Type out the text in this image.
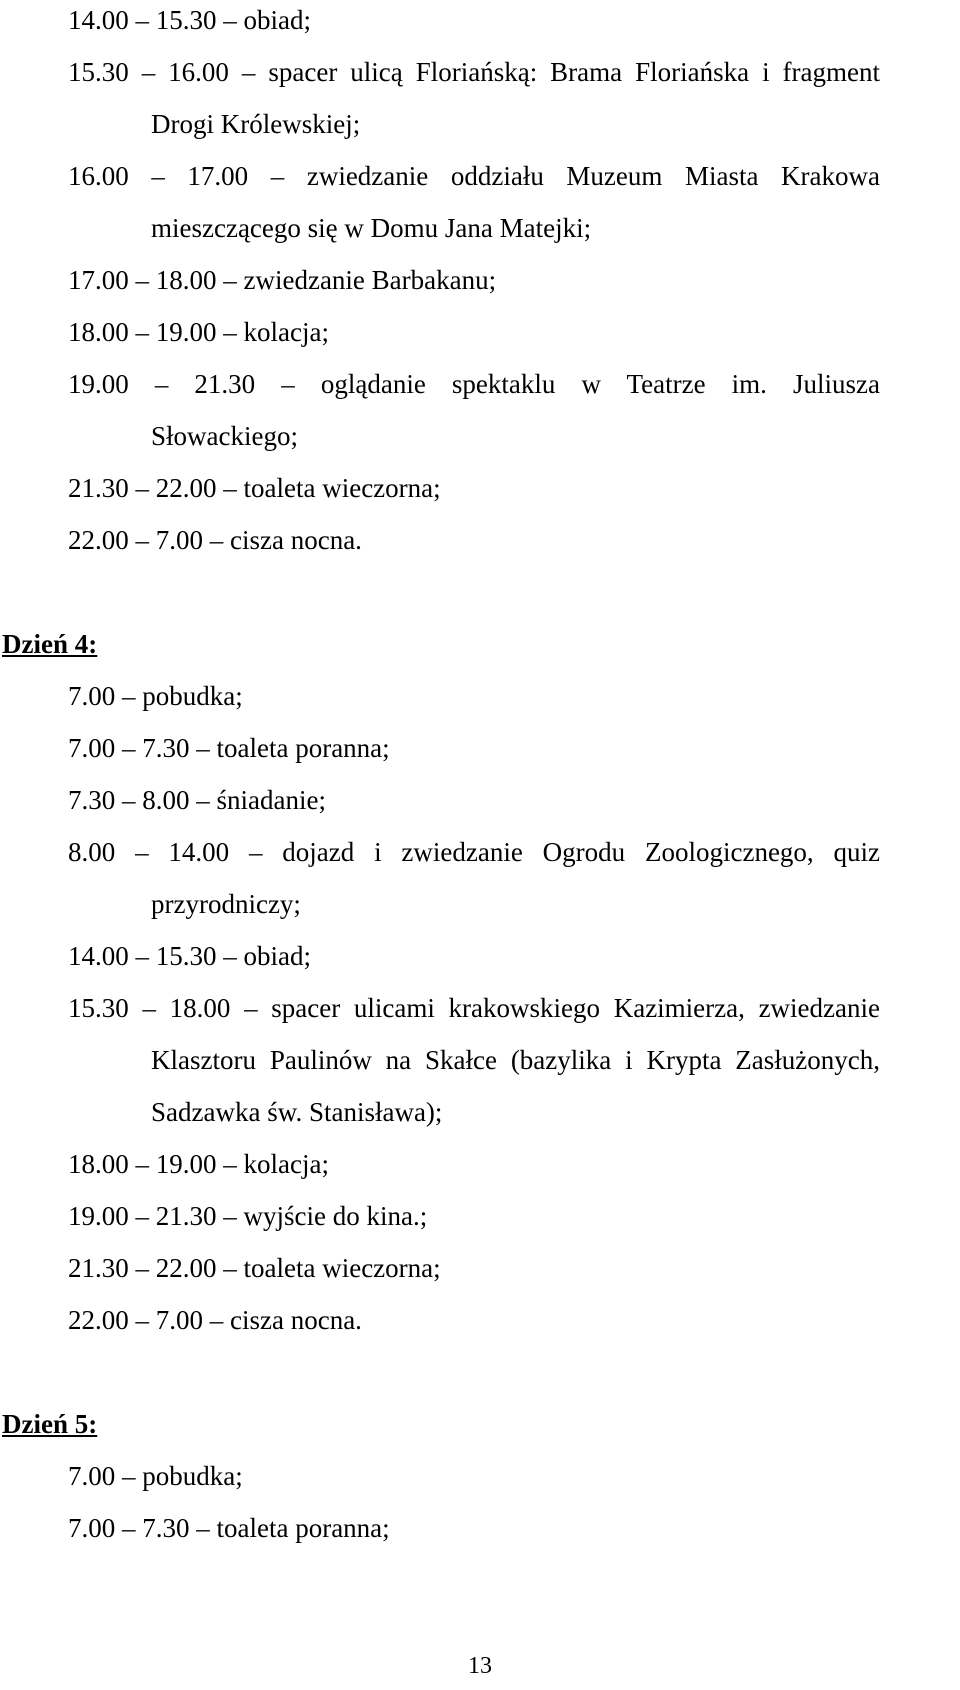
14.00 – 15.30 – obiad;
15.30 – 16.00 – spacer ulicą Floriańską: Brama Floriańska i fragment
Drogi Królewskiej;
16.00 – 17.00 – zwiedzanie oddziału Muzeum Miasta Krakowa
mieszczącego się w Domu Jana Matejki;
17.00 – 18.00 – zwiedzanie Barbakanu;
18.00 – 19.00 – kolacja;
19.00 – 21.30 – oglądanie spektaklu w Teatrze im. Juliusza
Słowackiego;
21.30 – 22.00 – toaleta wieczorna;
22.00 – 7.00 – cisza nocna.
Dzień 4:
7.00 – pobudka;
7.00 – 7.30 – toaleta poranna;
7.30 – 8.00 – śniadanie;
8.00 – 14.00 – dojazd i zwiedzanie Ogrodu Zoologicznego, quiz
przyrodniczy;
14.00 – 15.30 – obiad;
15.30 – 18.00 – spacer ulicami krakowskiego Kazimierza, zwiedzanie
Klasztoru Paulinów na Skałce (bazylika i Krypta Zasłużonych,
Sadzawka św. Stanisława);
18.00 – 19.00 – kolacja;
19.00 – 21.30 – wyjście do kina.;
21.30 – 22.00 – toaleta wieczorna;
22.00 – 7.00 – cisza nocna.
Dzień 5:
7.00 – pobudka;
7.00 – 7.30 – toaleta poranna;
13
